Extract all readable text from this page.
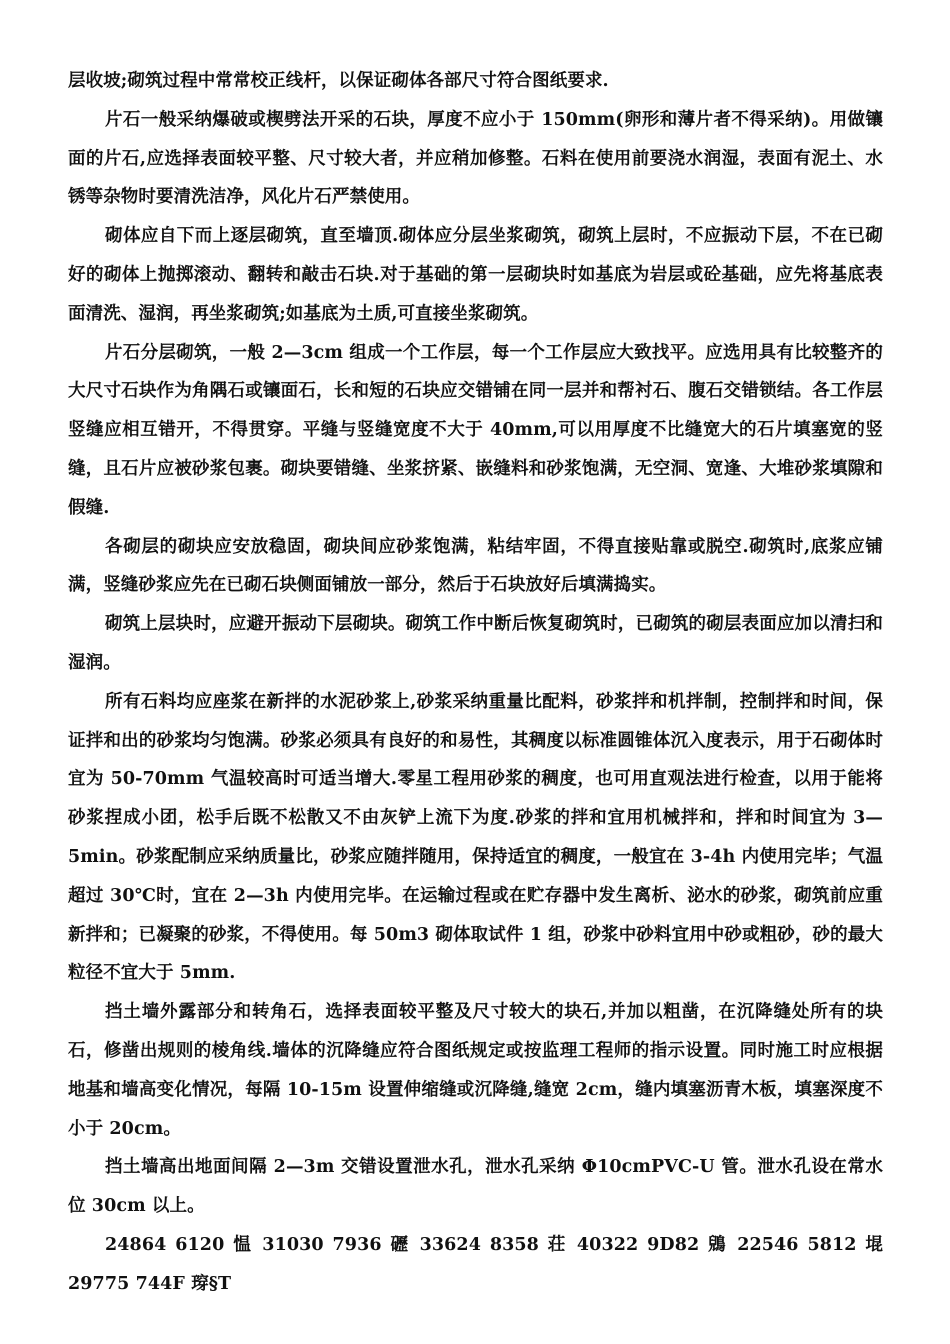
层收坡;砌筑过程中常常校正线杆，以保证砌体各部尺寸符合图纸要求.

片石一般采纳爆破或楔劈法开采的石块，厚度不应小于 150mm(卵形和薄片者不得采纳)。用做镶面的片石,应选择表面较平整、尺寸较大者，并应稍加修整。石料在使用前要浇水润湿，表面有泥土、水锈等杂物时要清洗洁净，风化片石严禁使用。

砌体应自下而上逐层砌筑，直至墙顶.砌体应分层坐浆砌筑，砌筑上层时，不应振动下层，不在已砌好的砌体上抛掷滚动、翻转和敲击石块.对于基础的第一层砌块时如基底为岩层或砼基础，应先将基底表面清洗、湿润，再坐浆砌筑;如基底为土质,可直接坐浆砌筑。

片石分层砌筑，一般 2—3cm 组成一个工作层，每一个工作层应大致找平。应选用具有比较整齐的大尺寸石块作为角隅石或镶面石，长和短的石块应交错铺在同一层并和帮衬石、腹石交错锁结。各工作层竖缝应相互错开，不得贯穿。平缝与竖缝宽度不大于 40mm,可以用厚度不比缝宽大的石片填塞宽的竖缝，且石片应被砂浆包裹。砌块要错缝、坐浆挤紧、嵌缝料和砂浆饱满，无空洞、宽逢、大堆砂浆填隙和假缝.

各砌层的砌块应安放稳固，砌块间应砂浆饱满，粘结牢固，不得直接贴靠或脱空.砌筑时,底浆应铺满，竖缝砂浆应先在已砌石块侧面铺放一部分，然后于石块放好后填满捣实。

砌筑上层块时，应避开振动下层砌块。砌筑工作中断后恢复砌筑时，已砌筑的砌层表面应加以清扫和湿润。

所有石料均应座浆在新拌的水泥砂浆上,砂浆采纳重量比配料，砂浆拌和机拌制，控制拌和时间，保证拌和出的砂浆均匀饱满。砂浆必须具有良好的和易性，其稠度以标准圆锥体沉入度表示，用于石砌体时宜为 50-70mm 气温较高时可适当增大.零星工程用砂浆的稠度，也可用直观法进行检查，以用于能将砂浆捏成小团，松手后既不松散又不由灰铲上流下为度.砂浆的拌和宜用机械拌和，拌和时间宜为 3—5min。砂浆配制应采纳质量比，砂浆应随拌随用，保持适宜的稠度，一般宜在 3-4h 内使用完毕；气温超过 30℃时，宜在 2—3h 内使用完毕。在运输过程或在贮存器中发生离析、泌水的砂浆，砌筑前应重新拌和；已凝聚的砂浆，不得使用。每 50m3 砌体取试件 1 组，砂浆中砂料宜用中砂或粗砂，砂的最大粒径不宜大于 5mm.

挡土墙外露部分和转角石，选择表面较平整及尺寸较大的块石,并加以粗凿，在沉降缝处所有的块石，修凿出规则的棱角线.墙体的沉降缝应符合图纸规定或按监理工程师的指示设置。同时施工时应根据地基和墙高变化情况，每隔 10-15m 设置伸缩缝或沉降缝,缝宽 2cm，缝内填塞沥青木板，填塞深度不小于 20cm。

挡土墙高出地面间隔 2—3m 交错设置泄水孔，泄水孔采纳 Φ10cmPVC-U 管。泄水孔设在常水位 30cm 以上。

24864 6120 愠 31030 7936 礰 33624 8358 荘 40322 9D82 鶂 22546 5812 堒 29775 744F 瑏§T
